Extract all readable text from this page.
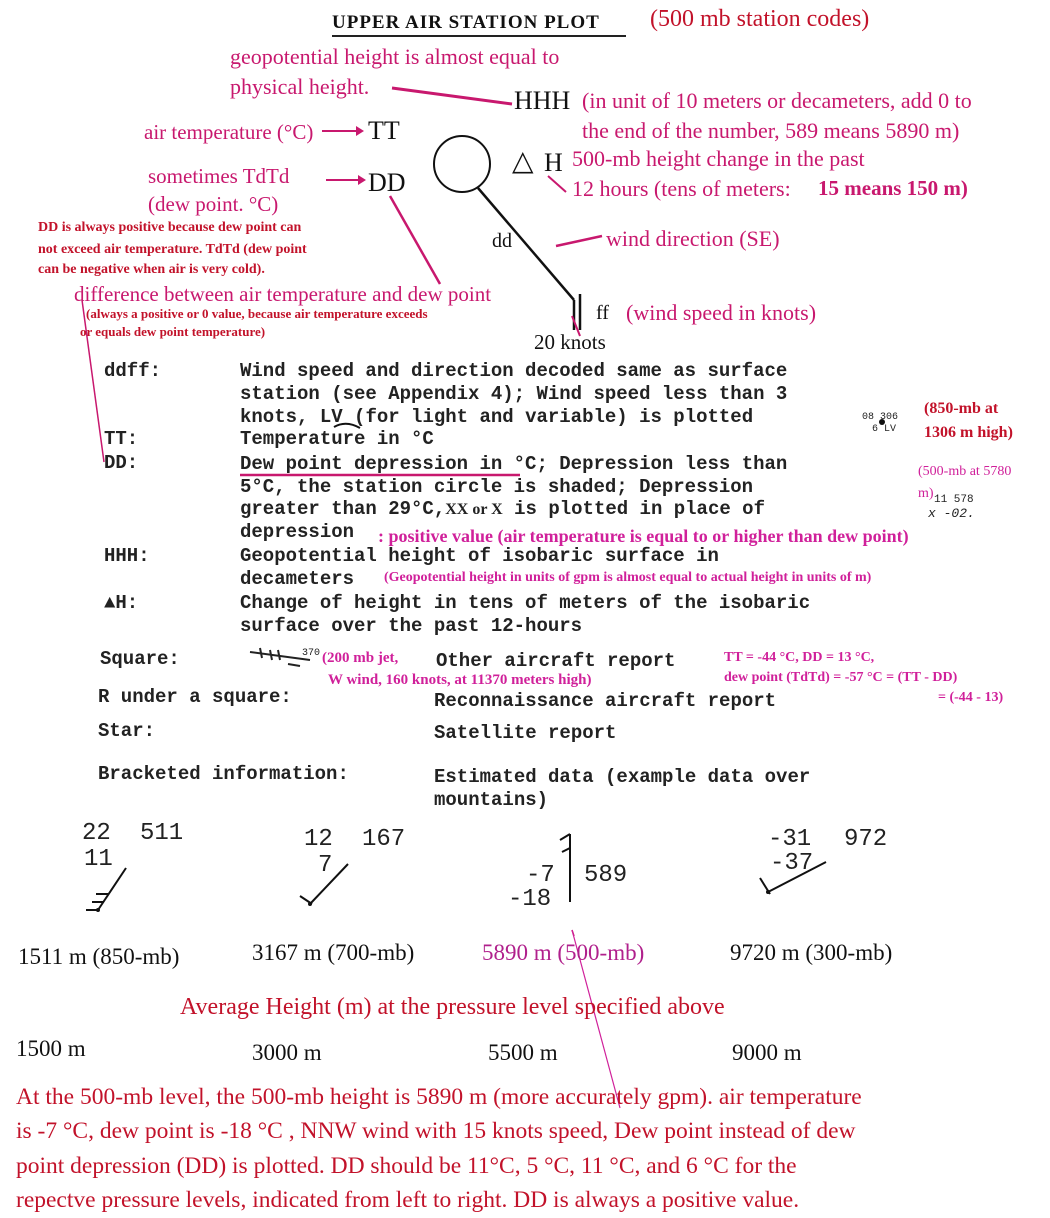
UPPER AIR STATION PLOT (500 mb station codes)
geopotential height is almost equal to
physical height.	HHH (in unit of 10 meters or decameters, add 0 to
the end of the number, 589 means 5890 m)
air temperature (°C) TT
sometimes TdTd	DD
(dew point. °C)
△ H 500-mb height change in the past
12 hours (tens of meters: 15 means 150 m)
DD is always positive because dew point can
not exceed air temperature. TdTd (dew point
can be negative when air is very cold).
dd	wind direction (SE)
difference between air temperature and dew point
(always a positive or 0 value, because air temperature exceeds
or equals dew point temperature)
ff (wind speed in knots)
20 knots
ddff:	Wind speed and direction decoded same as surface
station (see Appendix 4); Wind speed less than 3
knots, LV (for light and variable) is plotted	08 306
6 LV
(850-mb at
1306 m high)
TT:	Temperature in °C
DD:	Dew point depression in °C; Depression less than
5°C, the station circle is shaded; Depression
greater than 29°C,XX or X is plotted in place of
depression
(500-mb at 5780
m) 11 578
x -02.
: positive value (air temperature is equal to or higher than dew point)
HHH:	Geopotential height of isobaric surface in
decameters (Geopotential height in units of gpm is almost equal to actual height in units of m)
▲H:	Change of height in tens of meters of the isobaric
surface over the past 12-hours
Square:	370 (200 mb jet, Other aircraft report
W wind, 160 knots, at 11370 meters high)
TT = -44 °C, DD = 13 °C,
dew point (TdTd) = -57 °C = (TT - DD)
= (-44 - 13)
R under a square:	Reconnaissance aircraft report
Star:	Satellite report
Bracketed information:	Estimated data (example data over
mountains)
22 511
11
12 167
7	-7 589
-18
-31 972
-37
1511 m (850-mb)	3167 m (700-mb)	5890 m (500-mb)	9720 m (300-mb)
Average Height (m) at the pressure level specified above
1500 m	3000 m	5500 m	9000 m
At the 500-mb level, the 500-mb height is 5890 m (more accurately gpm). air temperature
is -7 °C, dew point is -18 °C , NNW wind with 15 knots speed, Dew point instead of dew
point depression (DD) is plotted. DD should be 11°C, 5 °C, 11 °C, and 6 °C for the
repectve pressure levels, indicated from left to right. DD is always a positive value.
